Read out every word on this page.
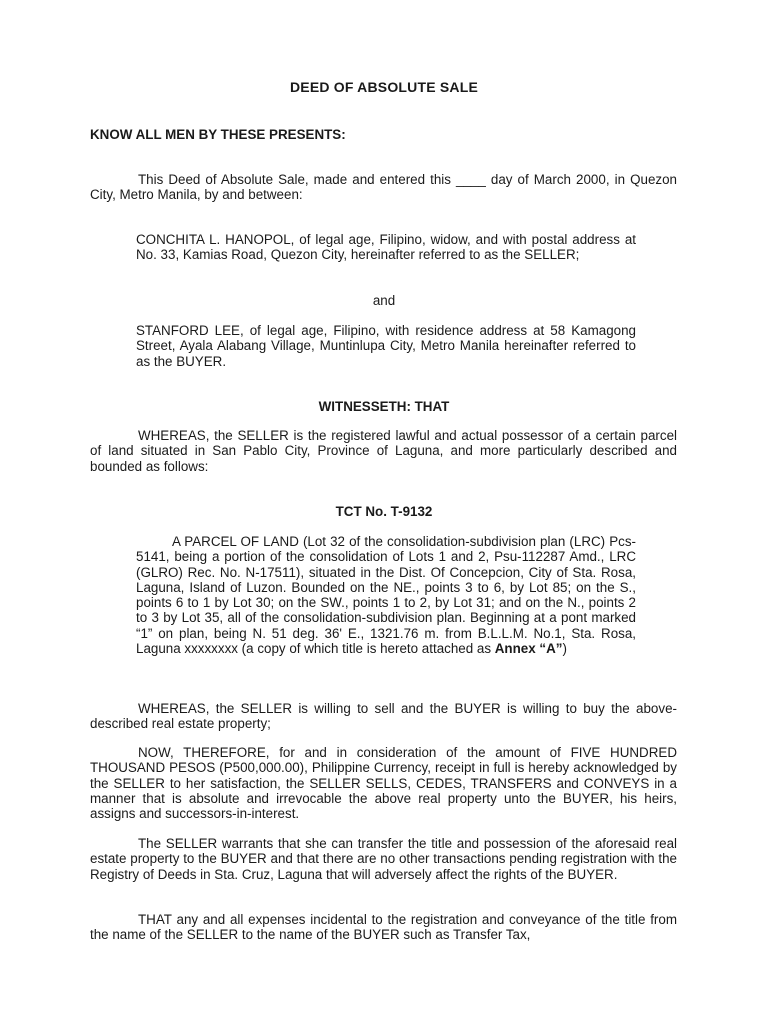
DEED OF ABSOLUTE SALE

KNOW ALL MEN BY THESE PRESENTS:

This Deed of Absolute Sale, made and entered this ____ day of March 2000, in Quezon City, Metro Manila, by and between:

CONCHITA L. HANOPOL, of legal age, Filipino, widow, and with postal address at No. 33, Kamias Road, Quezon City, hereinafter referred to as the SELLER;

and

STANFORD LEE, of legal age, Filipino, with residence address at 58 Kamagong Street, Ayala Alabang Village, Muntinlupa City, Metro Manila hereinafter referred to as the BUYER.

WITNESSETH: THAT

WHEREAS, the SELLER is the registered lawful and actual possessor of a certain parcel of land situated in San Pablo City, Province of Laguna, and more particularly described and bounded as follows:

TCT No. T-9132

A PARCEL OF LAND (Lot 32 of the consolidation-subdivision plan (LRC) Pcs-5141, being a portion of the consolidation of Lots 1 and 2, Psu-112287 Amd., LRC (GLRO) Rec. No. N-17511), situated in the Dist. Of Concepcion, City of Sta. Rosa, Laguna, Island of Luzon. Bounded on the NE., points 3 to 6, by Lot 85; on the S., points 6 to 1 by Lot 30; on the SW., points 1 to 2, by Lot 31; and on the N., points 2 to 3 by Lot 35, all of the consolidation-subdivision plan. Beginning at a pont marked “1” on plan, being N. 51 deg. 36' E., 1321.76 m. from B.L.L.M. No.1, Sta. Rosa, Laguna xxxxxxxx (a copy of which title is hereto attached as Annex “A”)

WHEREAS, the SELLER is willing to sell and the BUYER is willing to buy the above-described real estate property;

NOW, THEREFORE, for and in consideration of the amount of FIVE HUNDRED THOUSAND PESOS (P500,000.00), Philippine Currency, receipt in full is hereby acknowledged by the SELLER to her satisfaction, the SELLER SELLS, CEDES, TRANSFERS and CONVEYS in a manner that is absolute and irrevocable the above real property unto the BUYER, his heirs, assigns and successors-in-interest.

The SELLER warrants that she can transfer the title and possession of the aforesaid real estate property to the BUYER and that there are no other transactions pending registration with the Registry of Deeds in Sta. Cruz, Laguna that will adversely affect the rights of the BUYER.

THAT any and all expenses incidental to the registration and conveyance of the title from the name of the SELLER to the name of the BUYER such as Transfer Tax,
